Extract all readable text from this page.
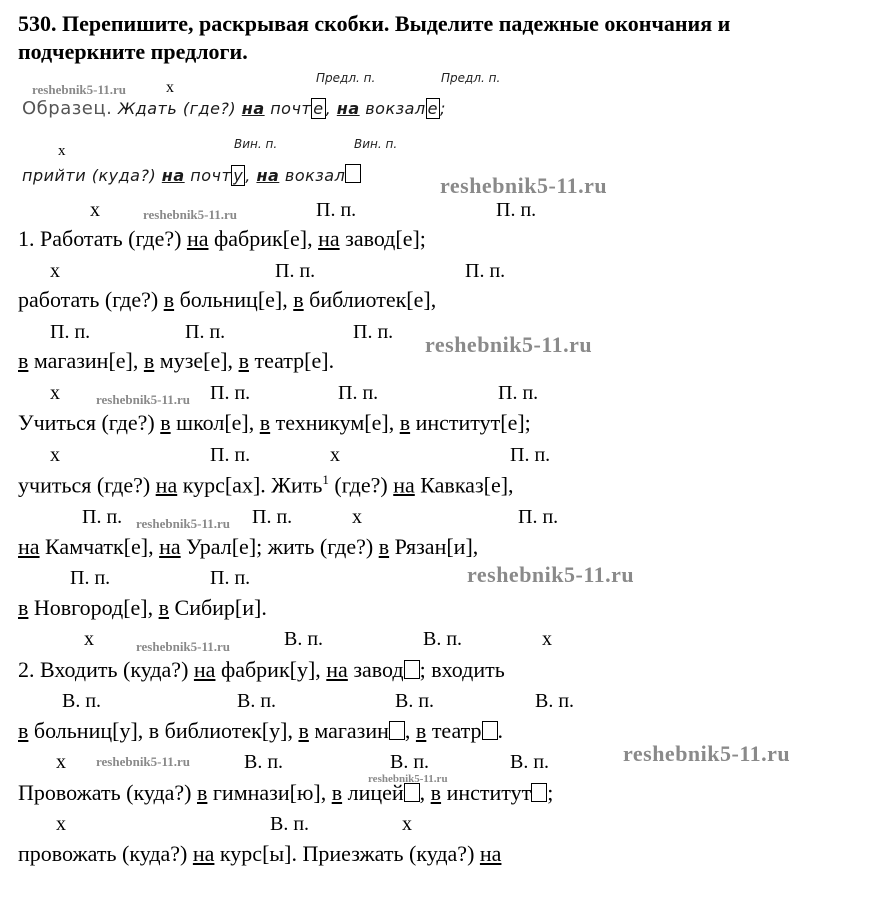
530. Перепишите, раскрывая скобки. Выделите падежные окончания и
подчеркните предлоги.
Предл. п.	Предл. п.
reshebnik5-11.ru x
Образец. Ждать (где?) на почт е , на вокзал е ;
Вин. п.	Вин. п.
x
прийти (куда?) на почт у , на вокзал	reshebnik5-11.ru
x	reshebnik5-11.ru	П. п.	П. п.
1. Работать (где?) на фабрик[е], на завод[е];
x	П. п.	П. п.
работать (где?) в больниц[е], в библиотек[е],
П. п.	П. п.	П. п. reshebnik5-11.ru
в магазин[е], в музе[е], в театр[е].
x	reshebnik5-11.ru П. п.	П. п.	П. п.
Учиться (где?) в школ[е], в техникум[е], в институт[е];
x	П. п.	x	П. п.
учиться (где?) на курс[ах]. Жить$^1$ (где?) на Кавказ[е],
П. п. reshebnik5-11.ru П. п.	x	П. п.
на Камчатк[е], на Урал[е]; жить (где?) в Рязан[и],
П. п.	П. п.	reshebnik5-11.ru
в Новгород[е], в Сибир[и].
x	reshebnik5-11.ru	В. п.	В. п.	x
2. Входить (куда?) на фабрик[у], на завод ; входить
В. п.	В. п.	В. п.	В. п.
в больниц[у], в библиотек[у], в магазин , в театр .
x reshebnik5-11.ru	В. п.	В. п.	В. п.	reshebnik5-11.ru
reshebnik5-11.ru
Провожать (куда?) в гимнази[ю], в лицей , в институт ;
x	В. п.	x
провожать (куда?) на курс[ы]. Приезжать (куда?) на
